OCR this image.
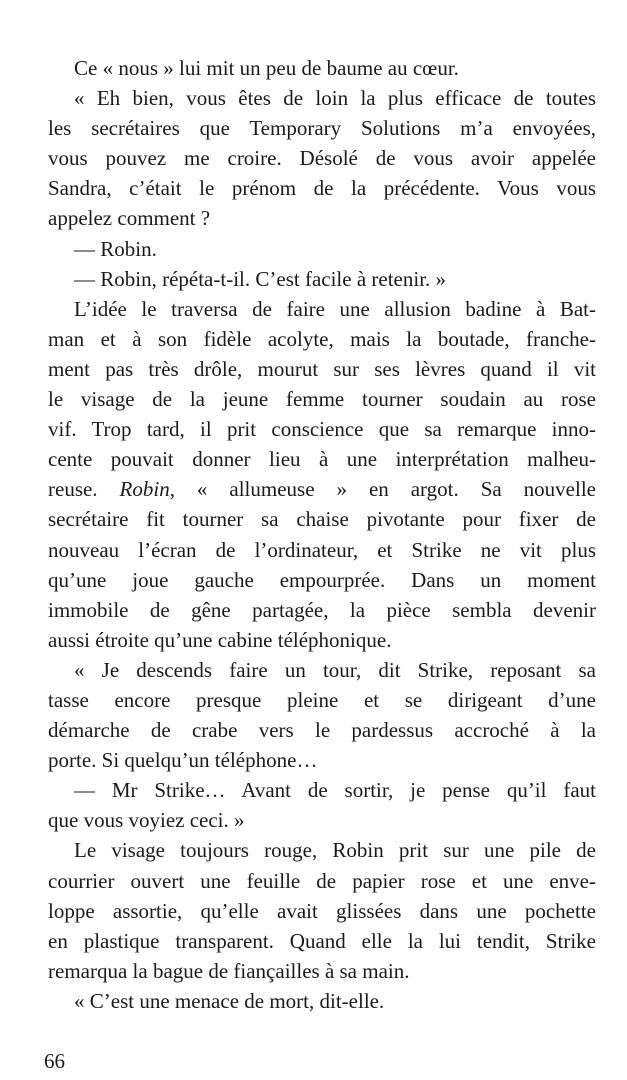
Ce « nous » lui mit un peu de baume au cœur.
« Eh bien, vous êtes de loin la plus efficace de toutes
les secrétaires que Temporary Solutions m’a envoyées,
vous pouvez me croire. Désolé de vous avoir appelée
Sandra, c’était le prénom de la précédente. Vous vous
appelez comment ?
— Robin.
— Robin, répéta-t-il. C’est facile à retenir. »
L’idée le traversa de faire une allusion badine à Bat-
man et à son fidèle acolyte, mais la boutade, franche-
ment pas très drôle, mourut sur ses lèvres quand il vit
le visage de la jeune femme tourner soudain au rose
vif. Trop tard, il prit conscience que sa remarque inno-
cente pouvait donner lieu à une interprétation malheu-
reuse. Robin, « allumeuse » en argot. Sa nouvelle
secrétaire fit tourner sa chaise pivotante pour fixer de
nouveau l’écran de l’ordinateur, et Strike ne vit plus
qu’une joue gauche empourprée. Dans un moment
immobile de gêne partagée, la pièce sembla devenir
aussi étroite qu’une cabine téléphonique.
« Je descends faire un tour, dit Strike, reposant sa
tasse encore presque pleine et se dirigeant d’une
démarche de crabe vers le pardessus accroché à la
porte. Si quelqu’un téléphone…
— Mr Strike… Avant de sortir, je pense qu’il faut
que vous voyiez ceci. »
Le visage toujours rouge, Robin prit sur une pile de
courrier ouvert une feuille de papier rose et une enve-
loppe assortie, qu’elle avait glissées dans une pochette
en plastique transparent. Quand elle la lui tendit, Strike
remarqua la bague de fiançailles à sa main.
« C’est une menace de mort, dit-elle.
66
